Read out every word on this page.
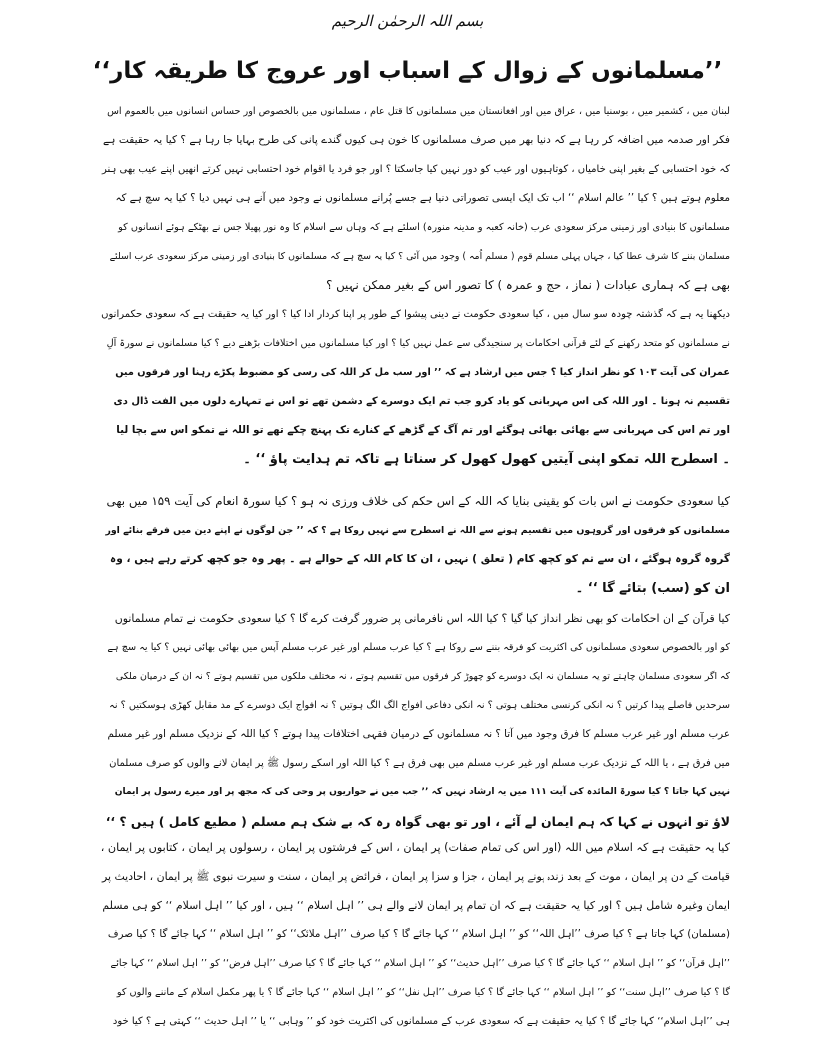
بسم اللہ الرحمٰن الرحیم
’’مسلمانوں کے زوال کے اسباب اور عروج کا طریقہ کار‘‘
لبنان میں ، کشمیر میں ، بوسنیا میں ، عراق میں اور افغانستان میں مسلمانوں کا قتل عام ، مسلمانوں میں بالخصوص اور حساس انسانوں میں بالعموم اس
فکر اور صدمہ میں اضافہ کر رہا ہے کہ دنیا بھر میں صرف مسلمانوں کا خون ہی کیوں گندے پانی کی طرح بہایا جا رہا ہے ؟ کیا یہ حقیقت ہے
کہ خود احتسابی کے بغیر اپنی خامیاں ، کوتاہیوں اور عیب کو دور نہیں کیا جاسکتا ؟ اور جو فرد یا اقوام خود احتسابی نہیں کرتے انھیں اپنے عیب بھی ہنر
معلوم ہوتے ہیں ؟ کیا ’’ عالم اسلام ‘‘ اب تک ایک ایسی تصوراتی دنیا ہے جسے پُرانے مسلمانوں نے وجود میں آنے ہی نہیں دیا ؟ کیا یہ سچ ہے کہ
مسلمانوں کا بنیادی اور زمینی مرکز سعودی عرب (خانہ کعبہ و مدینہ منورہ) اسلئے ہے کہ وہاں سے اسلام کا وہ نور پھیلا جس نے بھٹکے ہوئے انسانوں کو
مسلمان بننے کا شرف عطا کیا ، جہاں پہلی مسلم قوم ( مسلم اُمہ ) وجود میں آئی ؟ کیا یہ سچ ہے کہ مسلمانوں کا بنیادی اور زمینی مرکز سعودی عرب اسلئے
بھی ہے کہ ہماری عبادات ( نماز ، حج و عمرہ ) کا تصور اس کے بغیر ممکن نہیں ؟
دیکھنا یہ ہے کہ گذشتہ چودہ سو سال میں ، کیا سعودی حکومت نے دینی پیشوا کے طور پر اپنا کردار ادا کیا ؟ اور کیا یہ حقیقت ہے کہ سعودی حکمرانوں
نے مسلمانوں کو متحد رکھنے کے لئے قرآنی احکامات پر سنجیدگی سے عمل نہیں کیا ؟ اور کیا مسلمانوں میں اختلافات بڑھنے دیے ؟ کیا مسلمانوں نے سورۃ آلِ
عمران کی آیت ۱۰۳ کو نظر انداز کیا ؟ جس میں ارشاد ہے کہ ’’ اور سب مل کر اللہ کی رسی کو مضبوط پکڑے رہنا اور فرقوں میں
تقسیم نہ ہونا ۔ اور اللہ کی اس مہربانی کو یاد کرو جب تم ایک دوسرے کے دشمن تھے تو اس نے تمہارے دلوں میں الفت ڈال دی
اور تم اس کی مہربانی سے بھائی بھائی ہوگئے اور تم آگ کے گڑھے کے کنارے تک پہنچ چکے تھے تو اللہ نے تمکو اس سے بچا لیا
۔ اسطرح اللہ تمکو اپنی آیتیں کھول کھول کر سناتا ہے تاکہ تم ہدایت پاؤ ‘‘ ۔
کیا سعودی حکومت نے اس بات کو یقینی بنایا کہ اللہ کے اس حکم کی خلاف ورزی نہ ہو ؟ کیا سورۃ انعام کی آیت ۱۵۹ میں بھی
مسلمانوں کو فرقوں اور گروہوں میں تقسیم ہونے سے اللہ نے اسطرح سے نہیں روکا ہے ؟ کہ ’’ جن لوگوں نے اپنے دین میں فرقے بنائے اور
گروہ گروہ ہوگئے ، ان سے تم کو کچھ کام ( تعلق ) نہیں ، ان کا کام اللہ کے حوالے ہے ۔ پھر وہ جو کچھ کرتے رہے ہیں ، وہ
ان کو (سب) بتائے گا ‘‘ ۔
کیا قرآن کے ان احکامات کو بھی نظر انداز کیا گیا ؟ کیا اللہ اس نافرمانی پر ضرور گرفت کرے گا ؟ کیا سعودی حکومت نے تمام مسلمانوں
کو اور بالخصوص سعودی مسلمانوں کی اکثریت کو فرقہ بننے سے روکا ہے ؟ کیا عرب مسلم اور غیر عرب مسلم آپس میں بھائی بھائی نہیں ؟ کیا یہ سچ ہے
کہ اگر سعودی مسلمان چاہتے تو یہ مسلمان نہ ایک دوسرے کو چھوڑ کر فرقوں میں تقسیم ہوتے ، نہ مختلف ملکوں میں تقسیم ہوتے ؟ نہ ان کے درمیان ملکی
سرحدیں فاصلے پیدا کرتیں ؟ نہ انکی کرنسی مختلف ہوتی ؟ نہ انکی دفاعی افواج الگ الگ ہوتیں ؟ نہ افواج ایک دوسرے کے مد مقابل کھڑی ہوسکتیں ؟ نہ
عرب مسلم اور غیر عرب مسلم کا فرق وجود میں آتا ؟ نہ مسلمانوں کے درمیان فقہی اختلافات پیدا ہوتے ؟ کیا اللہ کے نزدیک مسلم اور غیر مسلم
میں فرق ہے ، یا اللہ کے نزدیک عرب مسلم اور غیر عرب مسلم میں بھی فرق ہے ؟ کیا اللہ اور اسکے رسول ﷺ پر ایمان لانے والوں کو صرف مسلمان
نہیں کہا جاتا ؟ کیا سورۃ المائدہ کی آیت ۱۱۱ میں یہ ارشاد نہیں کہ ’’ جب میں نے حواریوں پر وحی کی کہ مجھ پر اور میرے رسول پر ایمان
لاؤ تو انہوں نے کہا کہ ہم ایمان لے آئے ، اور تو بھی گواہ رہ کہ بے شک ہم مسلم ( مطیع کامل ) ہیں ؟ ‘‘
کیا یہ حقیقت ہے کہ اسلام میں اللہ (اور اس کی تمام صفات) پر ایمان ، اس کے فرشتوں پر ایمان ، رسولوں پر ایمان ، کتابوں پر ایمان ،
قیامت کے دن پر ایمان ، موت کے بعد زندہ ہونے پر ایمان ، جزا و سزا پر ایمان ، فرائض پر ایمان ، سنت و سیرت نبوی ﷺ پر ایمان ، احادیث پر
ایمان وغیرہ شامل ہیں ؟ اور کیا یہ حقیقت ہے کہ ان تمام پر ایمان لانے والے ہی ’’ اہل اسلام ‘‘ ہیں ، اور کیا ’’ اہل اسلام ‘‘ کو ہی مسلم
(مسلمان) کہا جاتا ہے ؟ کیا صرف ’’اہل اللہ‘‘ کو ’’ اہل اسلام ‘‘ کہا جائے گا ؟ کیا صرف ’’اہل ملائک‘‘ کو ’’ اہل اسلام ‘‘ کہا جائے گا ؟ کیا صرف
’’اہل قرآن‘‘ کو ’’ اہل اسلام ‘‘ کہا جائے گا ؟ کیا صرف ’’اہل حدیث‘‘ کو ’’ اہل اسلام ‘‘ کہا جائے گا ؟ کیا صرف ’’اہل فرض‘‘ کو ’’ اہل اسلام ‘‘ کہا جائے
گا ؟ کیا صرف ’’اہل سنت‘‘ کو ’’ اہل اسلام ‘‘ کہا جائے گا ؟ کیا صرف ’’اہل نفل‘‘ کو ’’ اہل اسلام ‘‘ کہا جائے گا ؟ یا پھر مکمل اسلام کے ماننے والوں کو
ہی ’’اہل اسلام‘‘ کہا جائے گا ؟ کیا یہ حقیقت ہے کہ سعودی عرب کے مسلمانوں کی اکثریت خود کو ’’ وہابی ‘‘ یا ’’ اہل حدیث ‘‘ کہتی ہے ؟ کیا خود
